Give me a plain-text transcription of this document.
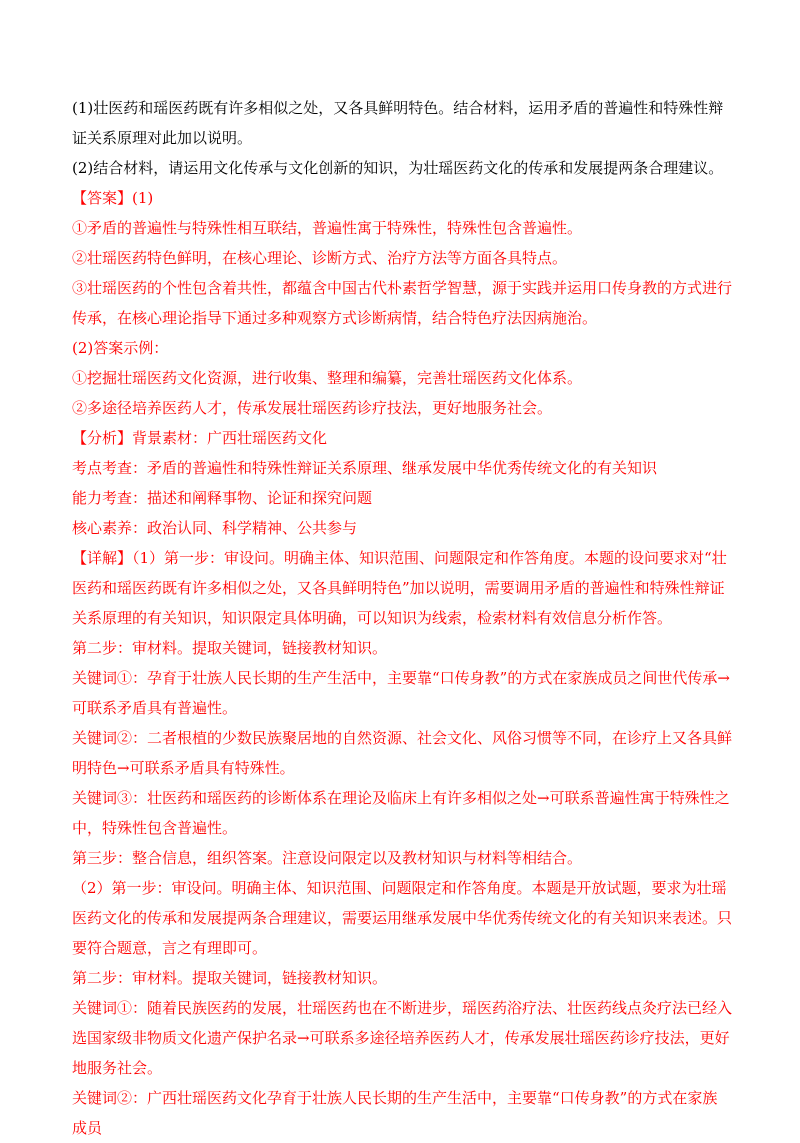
(1)壮医药和瑶医药既有许多相似之处，又各具鲜明特色。结合材料，运用矛盾的普遍性和特殊性辩证关系原理对此加以说明。

(2)结合材料，请运用文化传承与文化创新的知识，为壮瑶医药文化的传承和发展提两条合理建议。

【答案】(1)

①矛盾的普遍性与特殊性相互联结，普遍性寓于特殊性，特殊性包含普遍性。

②壮瑶医药特色鲜明，在核心理论、诊断方式、治疗方法等方面各具特点。

③壮瑶医药的个性包含着共性，都蕴含中国古代朴素哲学智慧，源于实践并运用口传身教的方式进行传承，在核心理论指导下通过多种观察方式诊断病情，结合特色疗法因病施治。

(2)答案示例：

①挖掘壮瑶医药文化资源，进行收集、整理和编纂，完善壮瑶医药文化体系。

②多途径培养医药人才，传承发展壮瑶医药诊疗技法，更好地服务社会。

【分析】背景素材：广西壮瑶医药文化

考点考查：矛盾的普遍性和特殊性辩证关系原理、继承发展中华优秀传统文化的有关知识

能力考查：描述和阐释事物、论证和探究问题

核心素养：政治认同、科学精神、公共参与

【详解】（1）第一步：审设问。明确主体、知识范围、问题限定和作答角度。本题的设问要求对“壮医药和瑶医药既有许多相似之处，又各具鲜明特色”加以说明，需要调用矛盾的普遍性和特殊性辩证关系原理的有关知识，知识限定具体明确，可以知识为线索，检索材料有效信息分析作答。

第二步：审材料。提取关键词，链接教材知识。

关键词①：孕育于壮族人民长期的生产生活中，主要靠“口传身教”的方式在家族成员之间世代传承→可联系矛盾具有普遍性。

关键词②：二者根植的少数民族聚居地的自然资源、社会文化、风俗习惯等不同，在诊疗上又各具鲜明特色→可联系矛盾具有特殊性。

关键词③：壮医药和瑶医药的诊断体系在理论及临床上有许多相似之处→可联系普遍性寓于特殊性之中，特殊性包含普遍性。

第三步：整合信息，组织答案。注意设问限定以及教材知识与材料等相结合。

（2）第一步：审设问。明确主体、知识范围、问题限定和作答角度。本题是开放试题，要求为壮瑶医药文化的传承和发展提两条合理建议，需要运用继承发展中华优秀传统文化的有关知识来表述。只要符合题意，言之有理即可。

第二步：审材料。提取关键词，链接教材知识。

关键词①：随着民族医药的发展，壮瑶医药也在不断进步，瑶医药浴疗法、壮医药线点灸疗法已经入选国家级非物质文化遗产保护名录→可联系多途径培养医药人才，传承发展壮瑶医药诊疗技法，更好地服务社会。

关键词②：广西壮瑶医药文化孕育于壮族人民长期的生产生活中，主要靠“口传身教”的方式在家族成员
